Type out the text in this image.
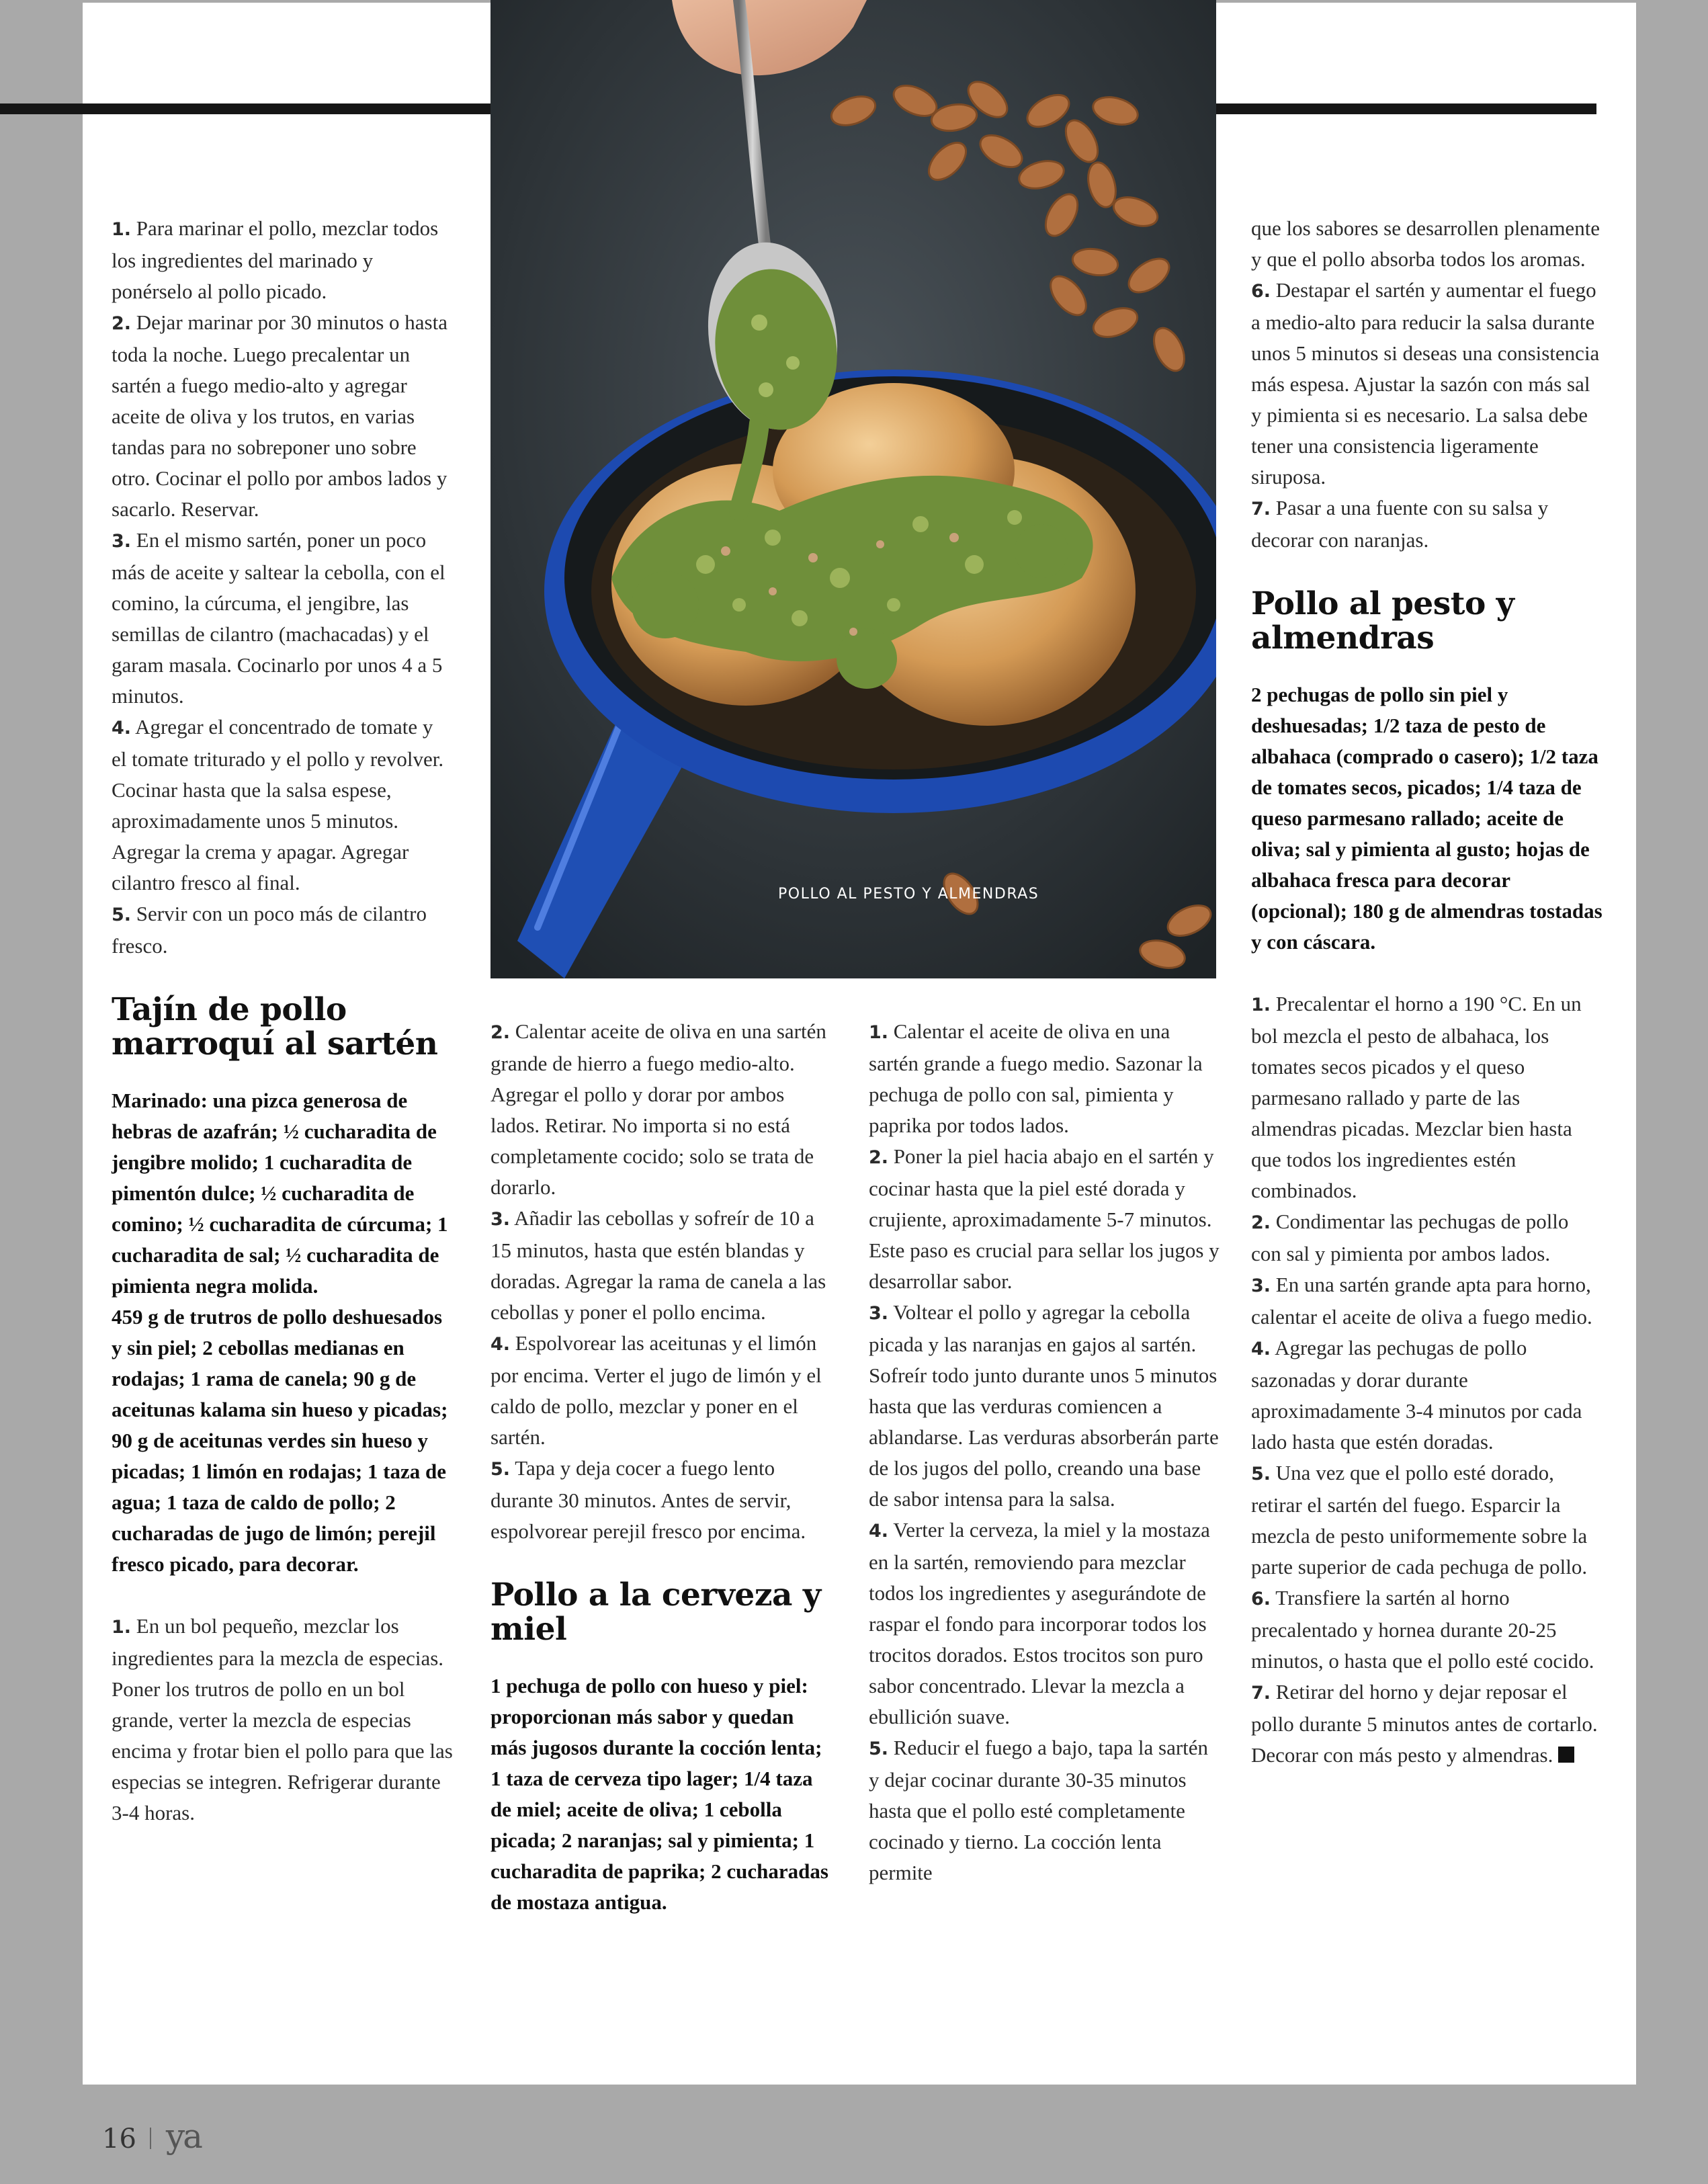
POLLO AL PESTO Y ALMENDRAS

1. Para marinar el pollo, mezclar todos los ingredientes del marinado y ponérselo al pollo picado.

2. Dejar marinar por 30 minutos o hasta toda la noche. Luego precalentar un sartén a fuego medio-alto y agregar aceite de oliva y los trutos, en varias tandas para no sobreponer uno sobre otro. Cocinar el pollo por ambos lados y sacarlo. Reservar.

3. En el mismo sartén, poner un poco más de aceite y saltear la cebolla, con el comino, la cúrcuma, el jengibre, las semillas de cilantro (machacadas) y el garam masala. Cocinarlo por unos 4 a 5 minutos.

4. Agregar el concentrado de tomate y el tomate triturado y el pollo y revolver. Cocinar hasta que la salsa espese, aproximadamente unos 5 minutos. Agregar la crema y apagar. Agregar cilantro fresco al final.

5. Servir con un poco más de cilantro fresco.

Tajín de pollo marroquí al sartén

Marinado: una pizca generosa de hebras de azafrán; ½ cucharadita de jengibre molido; 1 cucharadita de pimentón dulce; ½ cucharadita de comino; ½ cucharadita de cúrcuma; 1 cucharadita de sal; ½ cucharadita de pimienta negra molida.

459 g de trutros de pollo deshuesados y sin piel; 2 cebollas medianas en rodajas; 1 rama de canela; 90 g de aceitunas kalama sin hueso y picadas; 90 g de aceitunas verdes sin hueso y picadas; 1 limón en rodajas; 1 taza de agua; 1 taza de caldo de pollo; 2 cucharadas de jugo de limón; perejil fresco picado, para decorar.

1. En un bol pequeño, mezclar los ingredientes para la mezcla de especias. Poner los trutros de pollo en un bol grande, verter la mezcla de especias encima y frotar bien el pollo para que las especias se integren. Refrigerar durante 3-4 horas.

2. Calentar aceite de oliva en una sartén grande de hierro a fuego medio-alto. Agregar el pollo y dorar por ambos lados. Retirar. No importa si no está completamente cocido; solo se trata de dorarlo.

3. Añadir las cebollas y sofreír de 10 a 15 minutos, hasta que estén blandas y doradas. Agregar la rama de canela a las cebollas y poner el pollo encima.

4. Espolvorear las aceitunas y el limón por encima. Verter el jugo de limón y el caldo de pollo, mezclar y poner en el sartén.

5. Tapa y deja cocer a fuego lento durante 30 minutos. Antes de servir, espolvorear perejil fresco por encima.

Pollo a la cerveza y miel

1 pechuga de pollo con hueso y piel: proporcionan más sabor y quedan más jugosos durante la cocción lenta; 1 taza de cerveza tipo lager; 1/4 taza de miel; aceite de oliva; 1 cebolla picada; 2 naranjas; sal y pimienta; 1 cucharadita de paprika; 2 cucharadas de mostaza antigua.

1. Calentar el aceite de oliva en una sartén grande a fuego medio. Sazonar la pechuga de pollo con sal, pimienta y paprika por todos lados.

2. Poner la piel hacia abajo en el sartén y cocinar hasta que la piel esté dorada y crujiente, aproximadamente 5-7 minutos. Este paso es crucial para sellar los jugos y desarrollar sabor.

3. Voltear el pollo y agregar la cebolla picada y las naranjas en gajos al sartén. Sofreír todo junto durante unos 5 minutos hasta que las verduras comiencen a ablandarse. Las verduras absorberán parte de los jugos del pollo, creando una base de sabor intensa para la salsa.

4. Verter la cerveza, la miel y la mostaza en la sartén, removiendo para mezclar todos los ingredientes y asegurándote de raspar el fondo para incorporar todos los trocitos dorados. Estos trocitos son puro sabor concentrado. Llevar la mezcla a ebullición suave.

5. Reducir el fuego a bajo, tapa la sartén y dejar cocinar durante 30-35 minutos hasta que el pollo esté completamente cocinado y tierno. La cocción lenta permite

que los sabores se desarrollen plenamente y que el pollo absorba todos los aromas.

6. Destapar el sartén y aumentar el fuego a medio-alto para reducir la salsa durante unos 5 minutos si deseas una consistencia más espesa. Ajustar la sazón con más sal y pimienta si es necesario. La salsa debe tener una consistencia ligeramente siruposa.

7. Pasar a una fuente con su salsa y decorar con naranjas.

Pollo al pesto y almendras

2 pechugas de pollo sin piel y deshuesadas; 1/2 taza de pesto de albahaca (comprado o casero); 1/2 taza de tomates secos, picados; 1/4 taza de queso parmesano rallado; aceite de oliva; sal y pimienta al gusto; hojas de albahaca fresca para decorar (opcional); 180 g de almendras tostadas y con cáscara.

1. Precalentar el horno a 190 °C. En un bol mezcla el pesto de albahaca, los tomates secos picados y el queso parmesano rallado y parte de las almendras picadas. Mezclar bien hasta que todos los ingredientes estén combinados.

2. Condimentar las pechugas de pollo con sal y pimienta por ambos lados.

3. En una sartén grande apta para horno, calentar el aceite de oliva a fuego medio.

4. Agregar las pechugas de pollo sazonadas y dorar durante aproximadamente 3-4 minutos por cada lado hasta que estén doradas.

5. Una vez que el pollo esté dorado, retirar el sartén del fuego. Esparcir la mezcla de pesto uniformemente sobre la parte superior de cada pechuga de pollo.

6. Transfiere la sartén al horno precalentado y hornea durante 20-25 minutos, o hasta que el pollo esté cocido.

7. Retirar del horno y dejar reposar el pollo durante 5 minutos antes de cortarlo. Decorar con más pesto y almendras.

16 ya
